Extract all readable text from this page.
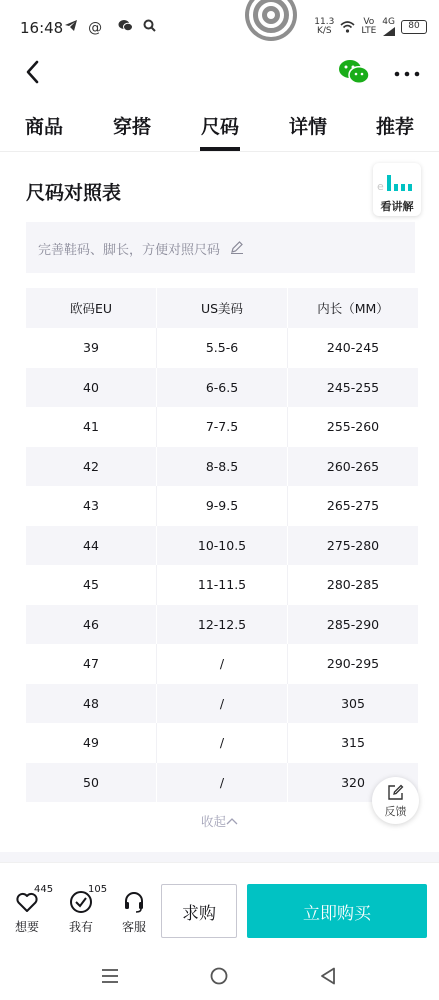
16:48	@	11.3
K/S
Vo
LTE
4G	80
商品	穿搭	尺码	详情	推荐
尺码对照表	e
看讲解
完善鞋码、脚长，方便对照尺码
欧码EU	US美码	内长（MM）
39	5.5-6	240-245
40	6-6.5	245-255
41	7-7.5	255-260
42	8-8.5	260-265
43	9-9.5	265-275
44	10-10.5	275-280
45	11-11.5	280-285
46	12-12.5	285-290
47	/	290-295
48	/	305
49	/	315
50	/	320
收起
反馈
445
想要
105
我有	客服
求购	立即购买
